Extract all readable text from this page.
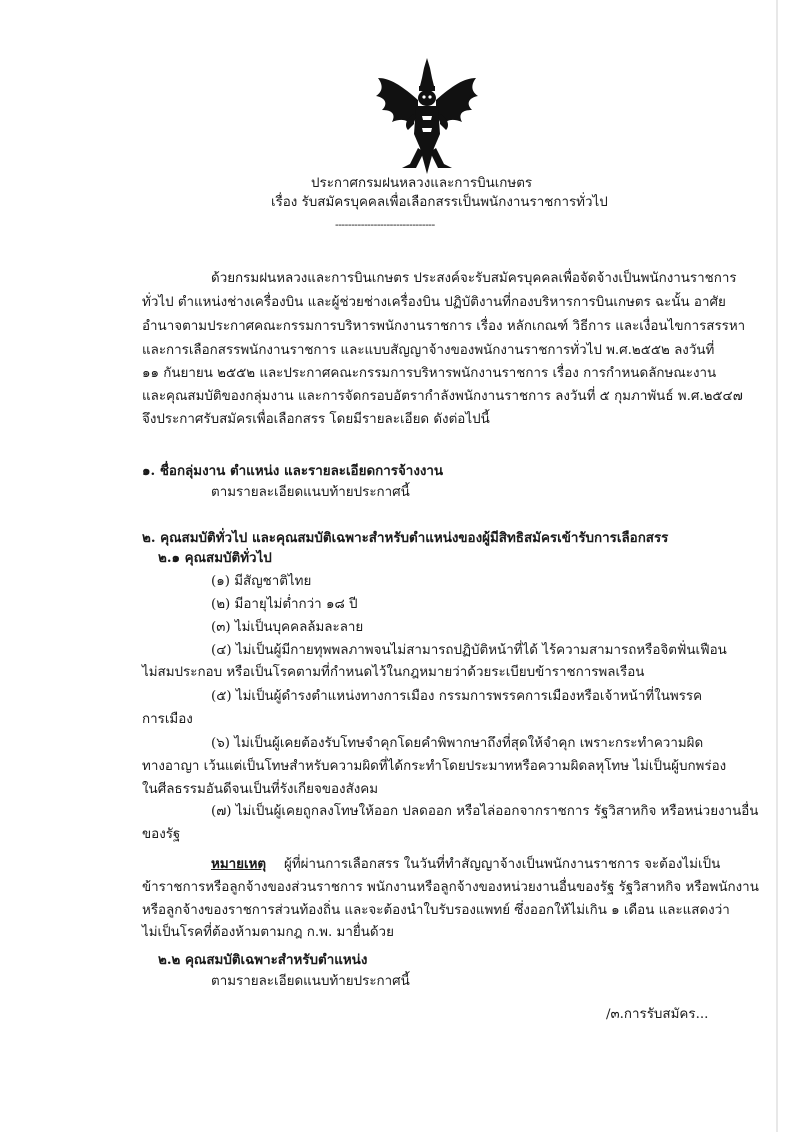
ประกาศกรมฝนหลวงและการบินเกษตร
เรื่อง รับสมัครบุคคลเพื่อเลือกสรรเป็นพนักงานราชการทั่วไป
-------------------------------
ด้วยกรมฝนหลวงและการบินเกษตร ประสงค์จะรับสมัครบุคคลเพื่อจัดจ้างเป็นพนักงานราชการ
ทั่วไป ตำแหน่งช่างเครื่องบิน และผู้ช่วยช่างเครื่องบิน ปฏิบัติงานที่กองบริหารการบินเกษตร ฉะนั้น อาศัย
อำนาจตามประกาศคณะกรรมการบริหารพนักงานราชการ เรื่อง หลักเกณฑ์ วิธีการ และเงื่อนไขการสรรหา
และการเลือกสรรพนักงานราชการ และแบบสัญญาจ้างของพนักงานราชการทั่วไป พ.ศ.๒๕๕๒ ลงวันที่
๑๑ กันยายน ๒๕๕๒ และประกาศคณะกรรมการบริหารพนักงานราชการ เรื่อง การกำหนดลักษณะงาน
และคุณสมบัติของกลุ่มงาน และการจัดกรอบอัตรากำลังพนักงานราชการ ลงวันที่ ๕ กุมภาพันธ์ พ.ศ.๒๕๔๗
จึงประกาศรับสมัครเพื่อเลือกสรร โดยมีรายละเอียด ดังต่อไปนี้
๑. ชื่อกลุ่มงาน ตำแหน่ง และรายละเอียดการจ้างงาน
ตามรายละเอียดแนบท้ายประกาศนี้
๒. คุณสมบัติทั่วไป และคุณสมบัติเฉพาะสำหรับตำแหน่งของผู้มีสิทธิสมัครเข้ารับการเลือกสรร
๒.๑ คุณสมบัติทั่วไป
(๑) มีสัญชาติไทย
(๒) มีอายุไม่ต่ำกว่า ๑๘ ปี
(๓) ไม่เป็นบุคคลล้มละลาย
(๔) ไม่เป็นผู้มีกายทุพพลภาพจนไม่สามารถปฏิบัติหน้าที่ได้ ไร้ความสามารถหรือจิตฟั่นเฟือน
ไม่สมประกอบ หรือเป็นโรคตามที่กำหนดไว้ในกฎหมายว่าด้วยระเบียบข้าราชการพลเรือน
(๕) ไม่เป็นผู้ดำรงตำแหน่งทางการเมือง กรรมการพรรคการเมืองหรือเจ้าหน้าที่ในพรรค
การเมือง
(๖) ไม่เป็นผู้เคยต้องรับโทษจำคุกโดยคำพิพากษาถึงที่สุดให้จำคุก เพราะกระทำความผิด
ทางอาญา เว้นแต่เป็นโทษสำหรับความผิดที่ได้กระทำโดยประมาทหรือความผิดลหุโทษ ไม่เป็นผู้บกพร่อง
ในศีลธรรมอันดีจนเป็นที่รังเกียจของสังคม
(๗) ไม่เป็นผู้เคยถูกลงโทษให้ออก ปลดออก หรือไล่ออกจากราชการ รัฐวิสาหกิจ หรือหน่วยงานอื่น
ของรัฐ
หมายเหตุ ผู้ที่ผ่านการเลือกสรร ในวันที่ทำสัญญาจ้างเป็นพนักงานราชการ จะต้องไม่เป็น
ข้าราชการหรือลูกจ้างของส่วนราชการ พนักงานหรือลูกจ้างของหน่วยงานอื่นของรัฐ รัฐวิสาหกิจ หรือพนักงาน
หรือลูกจ้างของราชการส่วนท้องถิ่น และจะต้องนำใบรับรองแพทย์ ซึ่งออกให้ไม่เกิน ๑ เดือน และแสดงว่า
ไม่เป็นโรคที่ต้องห้ามตามกฎ ก.พ. มายื่นด้วย
๒.๒ คุณสมบัติเฉพาะสำหรับตำแหน่ง
ตามรายละเอียดแนบท้ายประกาศนี้
/๓.การรับสมัคร...
